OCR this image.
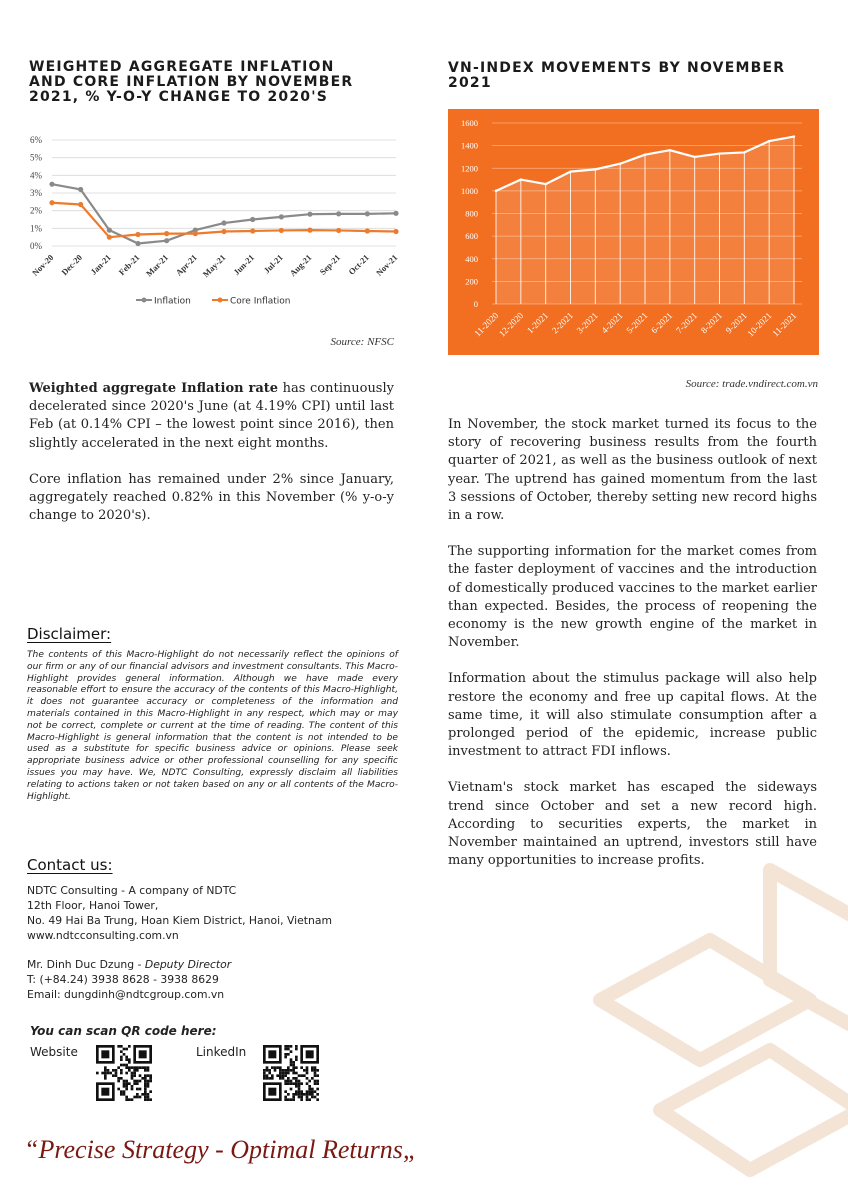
WEIGHTED AGGREGATE INFLATION
AND CORE INFLATION BY NOVEMBER
2021, % Y-O-Y CHANGE TO 2020'S
0%
1%
2%
3%
4%
5%
6%
Nov-20 Dec-20 Jan-21 Feb-21 Mar-21 Apr-21 May-21 Jun-21 Jul-21 Aug-21 Sep-21 Oct-21 Nov-21
Inflation	Core Inflation
Source: NFSC

Weighted aggregate Inflation rate has continuously decelerated since 2020's June (at 4.19% CPI) until last Feb (at 0.14% CPI – the lowest point since 2016), then slightly accelerated in the next eight months.

Core inflation has remained under 2% since January, aggregately reached 0.82% in this November (% y-o-y change to 2020's).

Disclaimer:
The contents of this Macro-Highlight do not necessarily reflect the opinions of our firm or any of our financial advisors and investment consultants. This Macro-Highlight provides general information. Although we have made every reasonable effort to ensure the accuracy of the contents of this Macro-Highlight, it does not guarantee accuracy or completeness of the information and materials contained in this Macro-Highlight in any respect, which may or may not be correct, complete or current at the time of reading. The content of this Macro-Highlight is general information that the content is not intended to be used as a substitute for specific business advice or opinions. Please seek appropriate business advice or other professional counselling for any specific issues you may have. We, NDTC Consulting, expressly disclaim all liabilities relating to actions taken or not taken based on any or all contents of the Macro-Highlight.
Contact us:
NDTC Consulting - A company of NDTC
12th Floor, Hanoi Tower,
No. 49 Hai Ba Trung, Hoan Kiem District, Hanoi, Vietnam
www.ndtcconsulting.com.vn
Mr. Dinh Duc Dzung - Deputy Director
T: (+84.24) 3938 8628 - 3938 8629
Email: dungdinh@ndtcgroup.com.vn
You can scan QR code here:
Website	LinkedIn
“Precise Strategy - Optimal Returns„
VN-INDEX MOVEMENTS BY NOVEMBER 2021
0
200
400
600
800
1000
1200
1400
1600
11-2020
12-2020 1-2021 2-2021 3-2021 4-2021 5-2021 6-2021 7-2021 8-2021 9-2021
10-2021
11-2021
Source: trade.vndirect.com.vn

In November, the stock market turned its focus to the story of recovering business results from the fourth quarter of 2021, as well as the business outlook of next year. The uptrend has gained momentum from the last 3 sessions of October, thereby setting new record highs in a row.

The supporting information for the market comes from the faster deployment of vaccines and the introduction of domestically produced vaccines to the market earlier than expected. Besides, the process of reopening the economy is the new growth engine of the market in November.

Information about the stimulus package will also help restore the economy and free up capital flows. At the same time, it will also stimulate consumption after a prolonged period of the epidemic, increase public investment to attract FDI inflows.

Vietnam's stock market has escaped the sideways trend since October and set a new record high. According to securities experts, the market in November maintained an uptrend, investors still have many opportunities to increase profits.
